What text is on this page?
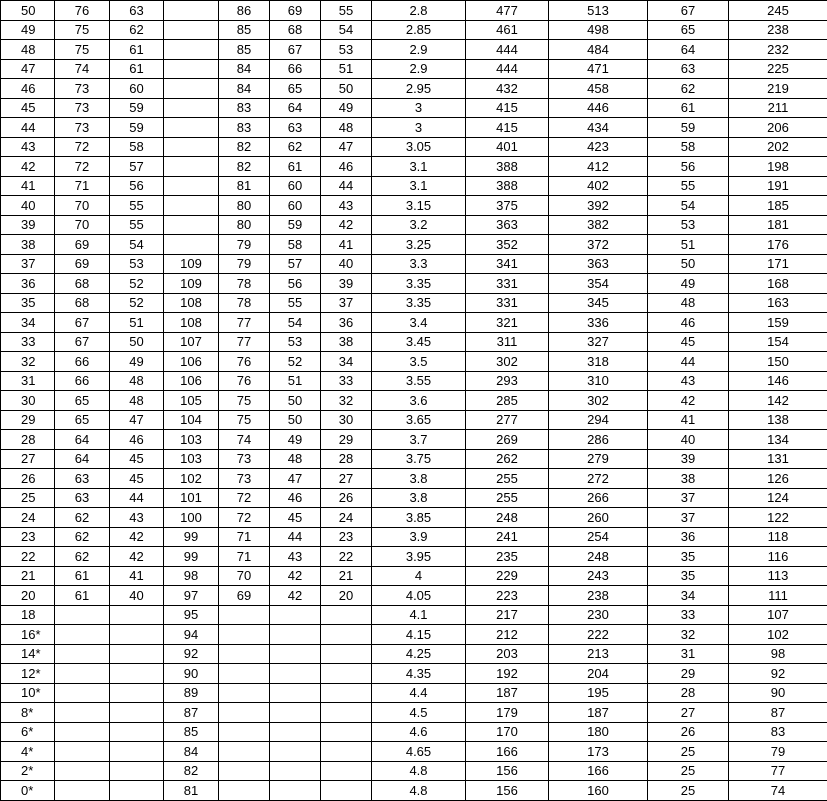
50	76	63		86	69	55	2.8	477	513	67	245
49	75	62		85	68	54	2.85	461	498	65	238
48	75	61		85	67	53	2.9	444	484	64	232
47	74	61		84	66	51	2.9	444	471	63	225
46	73	60		84	65	50	2.95	432	458	62	219
45	73	59		83	64	49	3	415	446	61	211
44	73	59		83	63	48	3	415	434	59	206
43	72	58		82	62	47	3.05	401	423	58	202
42	72	57		82	61	46	3.1	388	412	56	198
41	71	56		81	60	44	3.1	388	402	55	191
40	70	55		80	60	43	3.15	375	392	54	185
39	70	55		80	59	42	3.2	363	382	53	181
38	69	54		79	58	41	3.25	352	372	51	176
37	69	53	109	79	57	40	3.3	341	363	50	171
36	68	52	109	78	56	39	3.35	331	354	49	168
35	68	52	108	78	55	37	3.35	331	345	48	163
34	67	51	108	77	54	36	3.4	321	336	46	159
33	67	50	107	77	53	38	3.45	311	327	45	154
32	66	49	106	76	52	34	3.5	302	318	44	150
31	66	48	106	76	51	33	3.55	293	310	43	146
30	65	48	105	75	50	32	3.6	285	302	42	142
29	65	47	104	75	50	30	3.65	277	294	41	138
28	64	46	103	74	49	29	3.7	269	286	40	134
27	64	45	103	73	48	28	3.75	262	279	39	131
26	63	45	102	73	47	27	3.8	255	272	38	126
25	63	44	101	72	46	26	3.8	255	266	37	124
24	62	43	100	72	45	24	3.85	248	260	37	122
23	62	42	99	71	44	23	3.9	241	254	36	118
22	62	42	99	71	43	22	3.95	235	248	35	116
21	61	41	98	70	42	21	4	229	243	35	113
20	61	40	97	69	42	20	4.05	223	238	34	111
18			95				4.1	217	230	33	107
16*			94				4.15	212	222	32	102
14*			92				4.25	203	213	31	98
12*			90				4.35	192	204	29	92
10*			89				4.4	187	195	28	90
8*			87				4.5	179	187	27	87
6*			85				4.6	170	180	26	83
4*			84				4.65	166	173	25	79
2*			82				4.8	156	166	25	77
0*			81				4.8	156	160	25	74
